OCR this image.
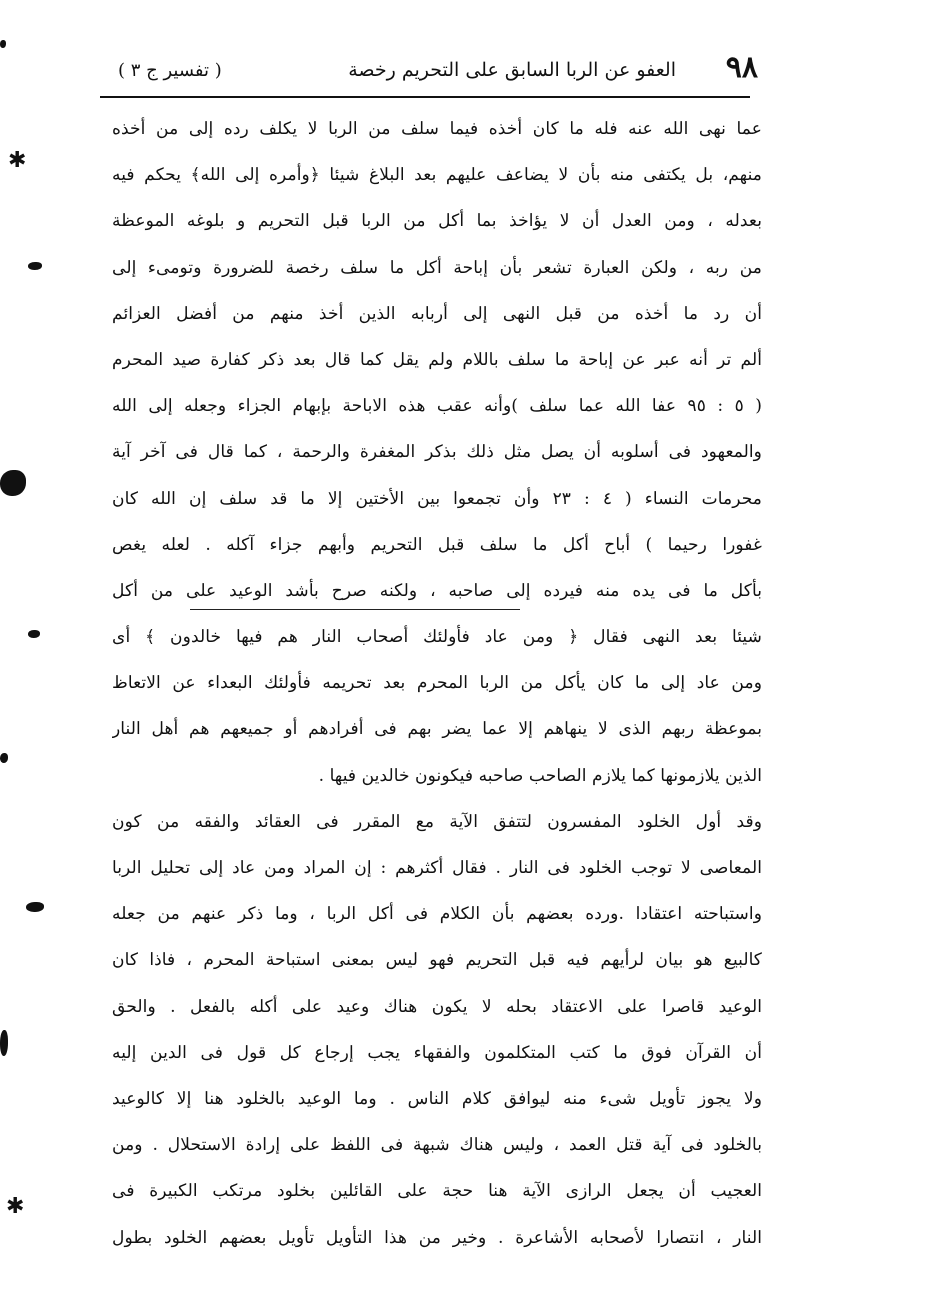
٩٨
العفو عن الربا السابق على التحريم رخصة
( تفسير ج ٣ )
عما نهى الله عنه فله ما كان أخذه فيما سلف من الربا لا يكلف رده إلى من أخذه
منهم، بل يكتفى منه بأن لا يضاعف عليهم بعد البلاغ شيئا ﴿وأمره إلى الله﴾ يحكم فيه
بعدله ، ومن العدل أن لا يؤاخذ بما أكل من الربا قبل التحريم و بلوغه الموعظة
من ربه ، ولكن العبارة تشعر بأن إباحة أكل ما سلف رخصة للضرورة وتومىء إلى
أن رد ما أخذه من قبل النهى إلى أربابه الذين أخذ منهم من أفضل العزائم
ألم تر أنه عبر عن إباحة ما سلف باللام ولم يقل كما قال بعد ذكر كفارة صيد المحرم
( ٥ : ٩٥ عفا الله عما سلف )وأنه عقب هذه الاباحة بإبهام الجزاء وجعله إلى الله
والمعهود فى أسلوبه أن يصل مثل ذلك بذكر المغفرة والرحمة ، كما قال فى آخر آية
محرمات النساء ( ٤ : ٢٣ وأن تجمعوا بين الأختين إلا ما قد سلف إن الله كان
غفورا رحيما ) أباح أكل ما سلف قبل التحريم وأبهم جزاء آكله . لعله يغص
بأكل ما فى يده منه فيرده إلى صاحبه ، ولكنه صرح بأشد الوعيد على من أكل
شيئا بعد النهى فقال ﴿ ومن عاد فأولئك أصحاب النار هم فيها خالدون ﴾ أى
ومن عاد إلى ما كان يأكل من الربا المحرم بعد تحريمه فأولئك البعداء عن الاتعاظ
بموعظة ربهم الذى لا ينهاهم إلا عما يضر بهم فى أفرادهم أو جميعهم هم أهل النار
الذين يلازمونها كما يلازم الصاحب صاحبه فيكونون خالدين فيها .
وقد أول الخلود المفسرون لتتفق الآية مع المقرر فى العقائد والفقه من كون
المعاصى لا توجب الخلود فى النار . فقال أكثرهم : إن المراد ومن عاد إلى تحليل الربا
واستباحته اعتقادا .ورده بعضهم بأن الكلام فى أكل الربا ، وما ذكر عنهم من جعله
كالبيع هو بيان لرأيهم فيه قبل التحريم فهو ليس بمعنى استباحة المحرم ، فاذا كان
الوعيد قاصرا على الاعتقاد بحله لا يكون هناك وعيد على أكله بالفعل . والحق
أن القرآن فوق ما كتب المتكلمون والفقهاء يجب إرجاع كل قول فى الدين إليه
ولا يجوز تأويل شىء منه ليوافق كلام الناس . وما الوعيد بالخلود هنا إلا كالوعيد
بالخلود فى آية قتل العمد ، وليس هناك شبهة فى اللفظ على إرادة الاستحلال . ومن
العجيب أن يجعل الرازى الآية هنا حجة على القائلين بخلود مرتكب الكبيرة فى
النار ، انتصارا لأصحابه الأشاعرة . وخير من هذا التأويل تأويل بعضهم الخلود بطول
✱
✱
